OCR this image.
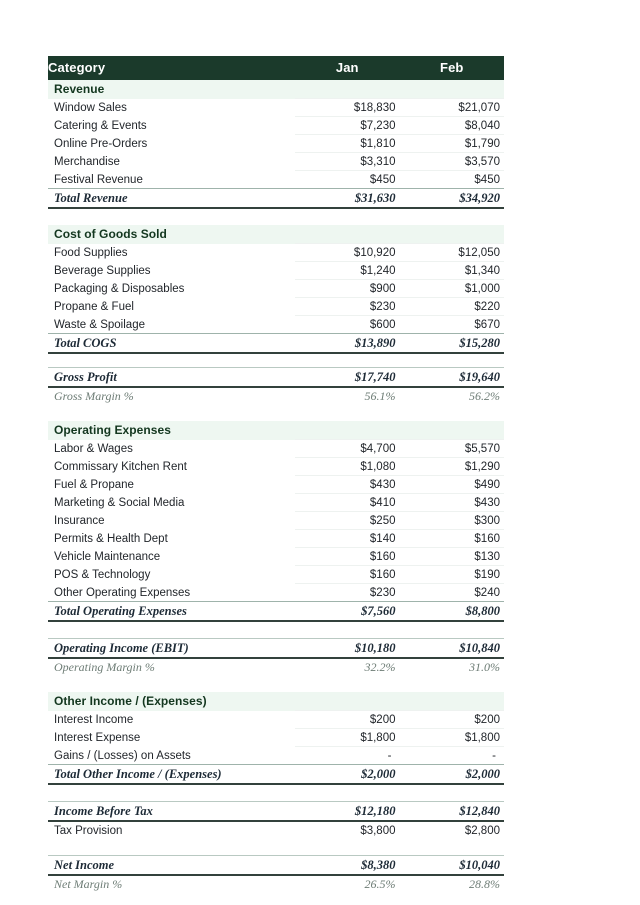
Category	Jan	Feb
Revenue		
Window Sales	$18,830	$21,070
Catering & Events	$7,230	$8,040
Online Pre-Orders	$1,810	$1,790
Merchandise	$3,310	$3,570
Festival Revenue	$450	$450
Total Revenue	$31,630	$34,920

Cost of Goods Sold		
Food Supplies	$10,920	$12,050
Beverage Supplies	$1,240	$1,340
Packaging & Disposables	$900	$1,000
Propane & Fuel	$230	$220
Waste & Spoilage	$600	$670
Total COGS	$13,890	$15,280

Gross Profit	$17,740	$19,640
Gross Margin %	56.1%	56.2%

Operating Expenses		
Labor & Wages	$4,700	$5,570
Commissary Kitchen Rent	$1,080	$1,290
Fuel & Propane	$430	$490
Marketing & Social Media	$410	$430
Insurance	$250	$300
Permits & Health Dept	$140	$160
Vehicle Maintenance	$160	$130
POS & Technology	$160	$190
Other Operating Expenses	$230	$240
Total Operating Expenses	$7,560	$8,800

Operating Income (EBIT)	$10,180	$10,840
Operating Margin %	32.2%	31.0%

Other Income / (Expenses)		
Interest Income	$200	$200
Interest Expense	$1,800	$1,800
Gains / (Losses) on Assets	-	-
Total Other Income / (Expenses)	$2,000	$2,000

Income Before Tax	$12,180	$12,840
Tax Provision	$3,800	$2,800

Net Income	$8,380	$10,040
Net Margin %	26.5%	28.8%
